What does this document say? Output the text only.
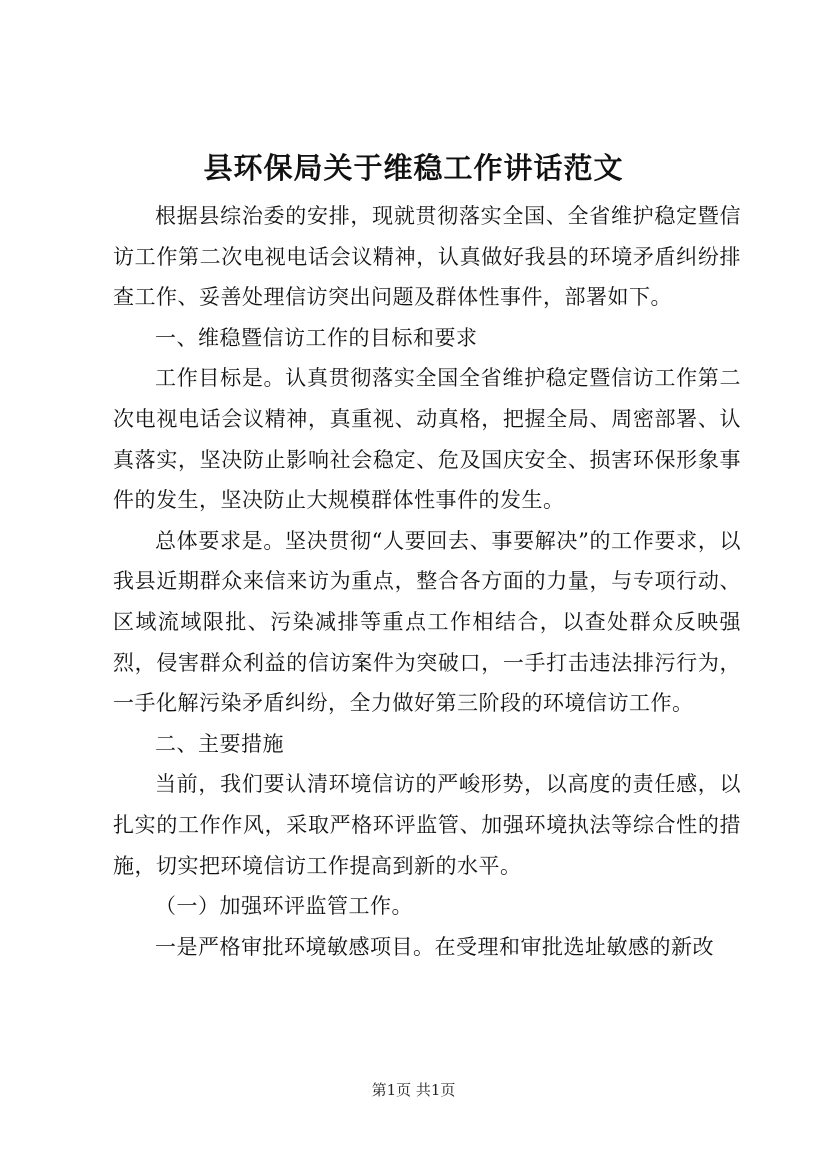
县环保局关于维稳工作讲话范文

根据县综治委的安排，现就贯彻落实全国、全省维护稳定暨信访工作第二次电视电话会议精神，认真做好我县的环境矛盾纠纷排查工作、妥善处理信访突出问题及群体性事件，部署如下。

一、维稳暨信访工作的目标和要求

工作目标是。认真贯彻落实全国全省维护稳定暨信访工作第二次电视电话会议精神，真重视、动真格，把握全局、周密部署、认真落实，坚决防止影响社会稳定、危及国庆安全、损害环保形象事件的发生，坚决防止大规模群体性事件的发生。

总体要求是。坚决贯彻“人要回去、事要解决”的工作要求，以我县近期群众来信来访为重点，整合各方面的力量，与专项行动、区域流域限批、污染减排等重点工作相结合，以查处群众反映强烈，侵害群众利益的信访案件为突破口，一手打击违法排污行为，一手化解污染矛盾纠纷，全力做好第三阶段的环境信访工作。

二、主要措施

当前，我们要认清环境信访的严峻形势，以高度的责任感，以扎实的工作作风，采取严格环评监管、加强环境执法等综合性的措施，切实把环境信访工作提高到新的水平。

（一）加强环评监管工作。

一是严格审批环境敏感项目。在受理和审批选址敏感的新改

第1页 共1页
